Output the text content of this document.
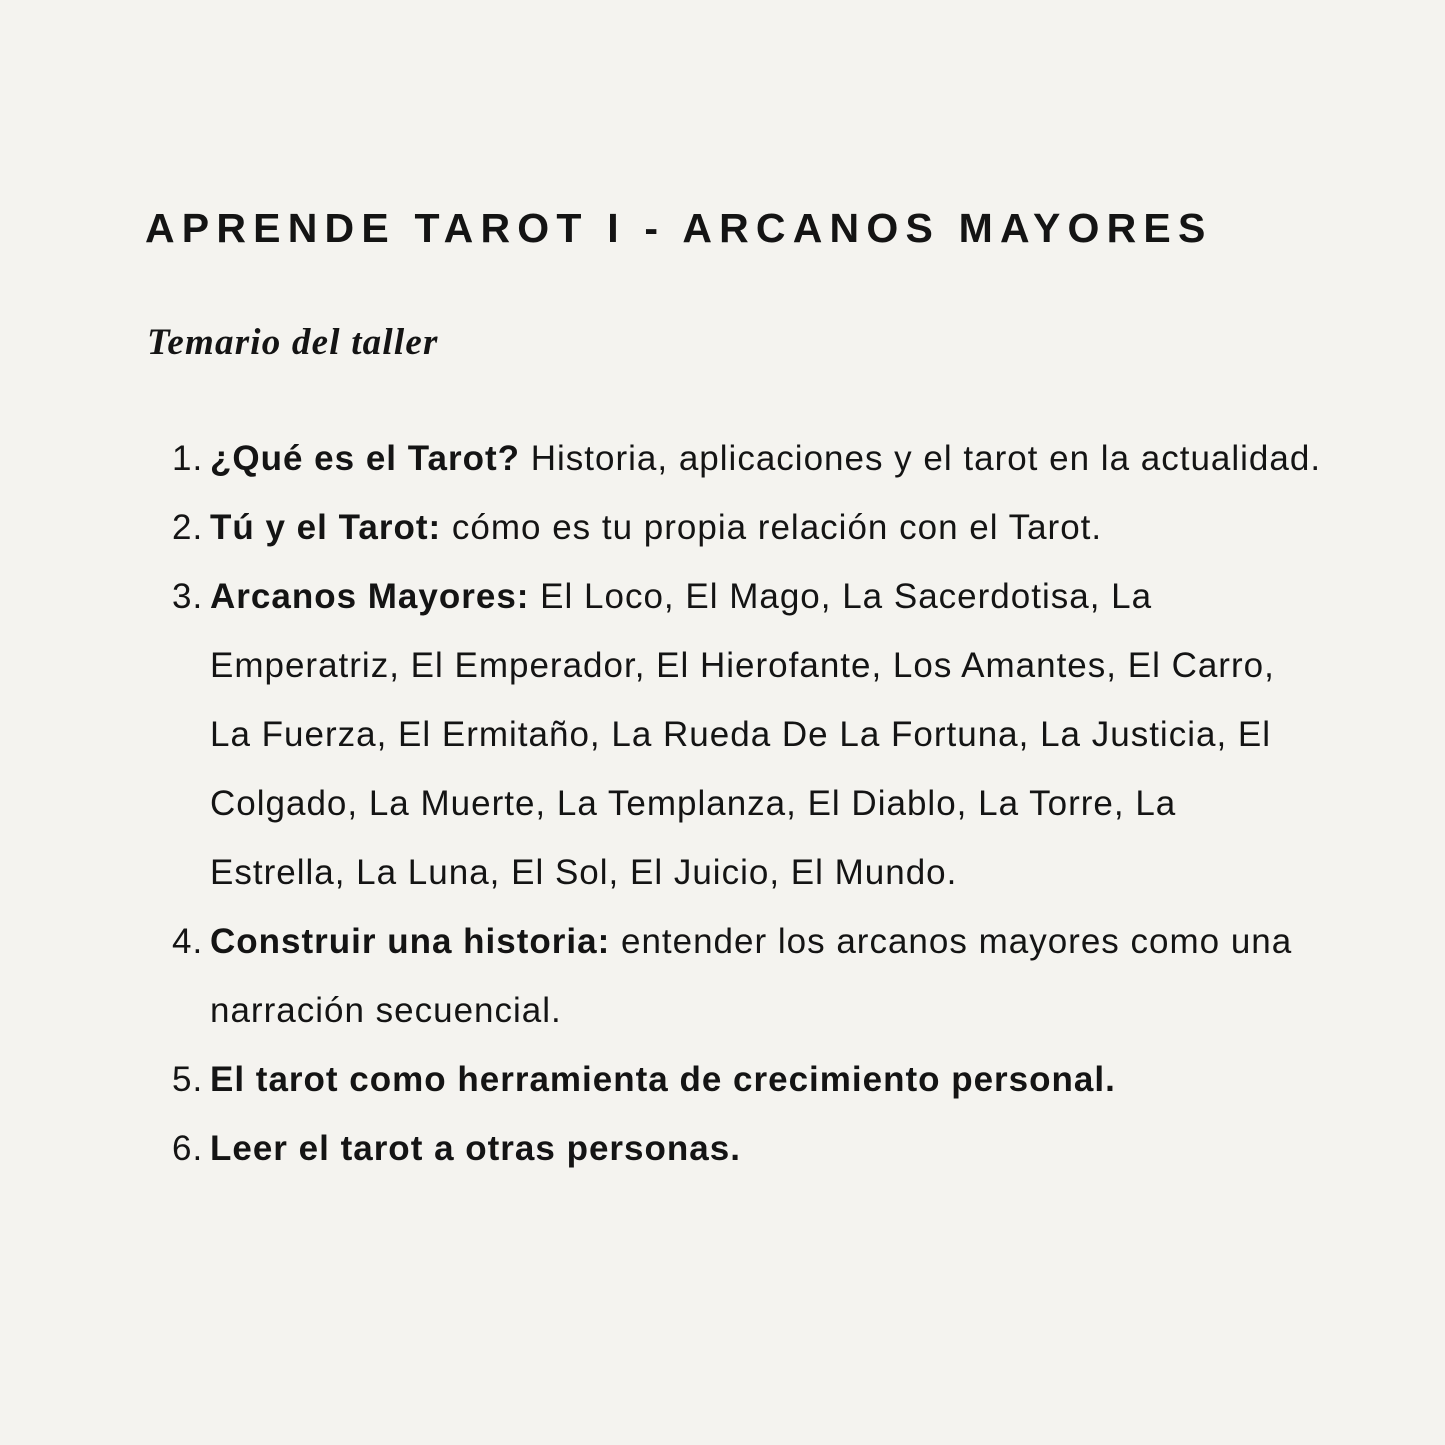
APRENDE TAROT I - ARCANOS MAYORES
Temario del taller
1. ¿Qué es el Tarot? Historia, aplicaciones y el tarot en la actualidad.
2. Tú y el Tarot: cómo es tu propia relación con el Tarot.
3. Arcanos Mayores: El Loco, El Mago, La Sacerdotisa, La Emperatriz, El Emperador, El Hierofante, Los Amantes, El Carro, La Fuerza, El Ermitaño, La Rueda De La Fortuna, La Justicia, El Colgado, La Muerte, La Templanza, El Diablo, La Torre, La Estrella, La Luna, El Sol, El Juicio, El Mundo.
4. Construir una historia: entender los arcanos mayores como una narración secuencial.
5. El tarot como herramienta de crecimiento personal.
6. Leer el tarot a otras personas.
